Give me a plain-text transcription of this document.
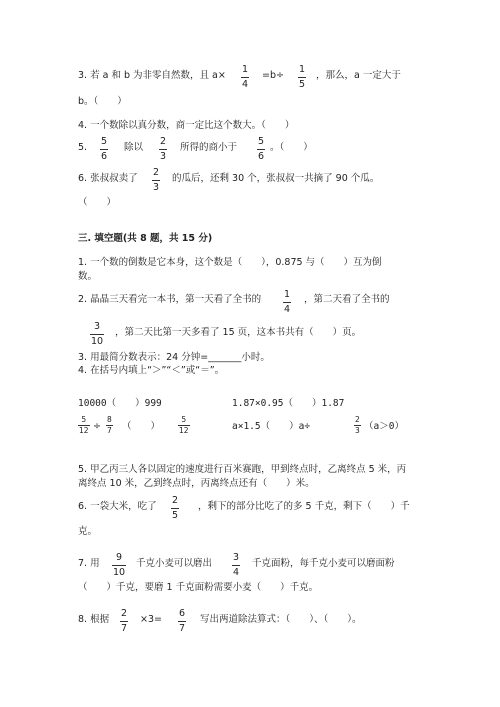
3. 若 a 和 b 为非零自然数，且 a×
1
4
=b÷
1
5
，那么，a 一定大于
b。（　　）
4. 一个数除以真分数，商一定比这个数大。（　　）
5.
5
6
除以
2
3
所得的商小于
5
6
。（　　）
6. 张叔叔卖了
2
3
的瓜后，还剩 30 个，张叔叔一共摘了 90 个瓜。
（　　）
三. 填空题(共 8 题，共 15 分)
1. 一个数的倒数是它本身，这个数是（　　），0.875 与（　　）互为倒
数。
2. 晶晶三天看完一本书，第一天看了全书的 1
4
，第二天看了全书的
3
10
，第二天比第一天多看了 15 页，这本书共有（　　）页。
3. 用最简分数表示：24 分钟=_______小时。
4. 在括号内填上“＞”“＜”或“＝”。
10000（　　）999	1.87×0.95（　　）1.87
5
12 ÷
8
7 （　　）
5
12	a×1.5（　　）a÷
2
3 （a＞0）
5. 甲乙丙三人各以固定的速度进行百米赛跑，甲到终点时，乙离终点 5 米，丙
离终点 10 米，乙到终点时，丙离终点还有（　　）米。
6. 一袋大米，吃了
2
5
，剩下的部分比吃了的多 5 千克，剩下（　　）千
克。
7. 用
9
10
千克小麦可以磨出
3
4
千克面粉，每千克小麦可以磨面粉
（　　）千克，要磨 1 千克面粉需要小麦（　　）千克。
8. 根据
2
7
×3=
6
7
写出两道除法算式：（　　）、（　　）。
